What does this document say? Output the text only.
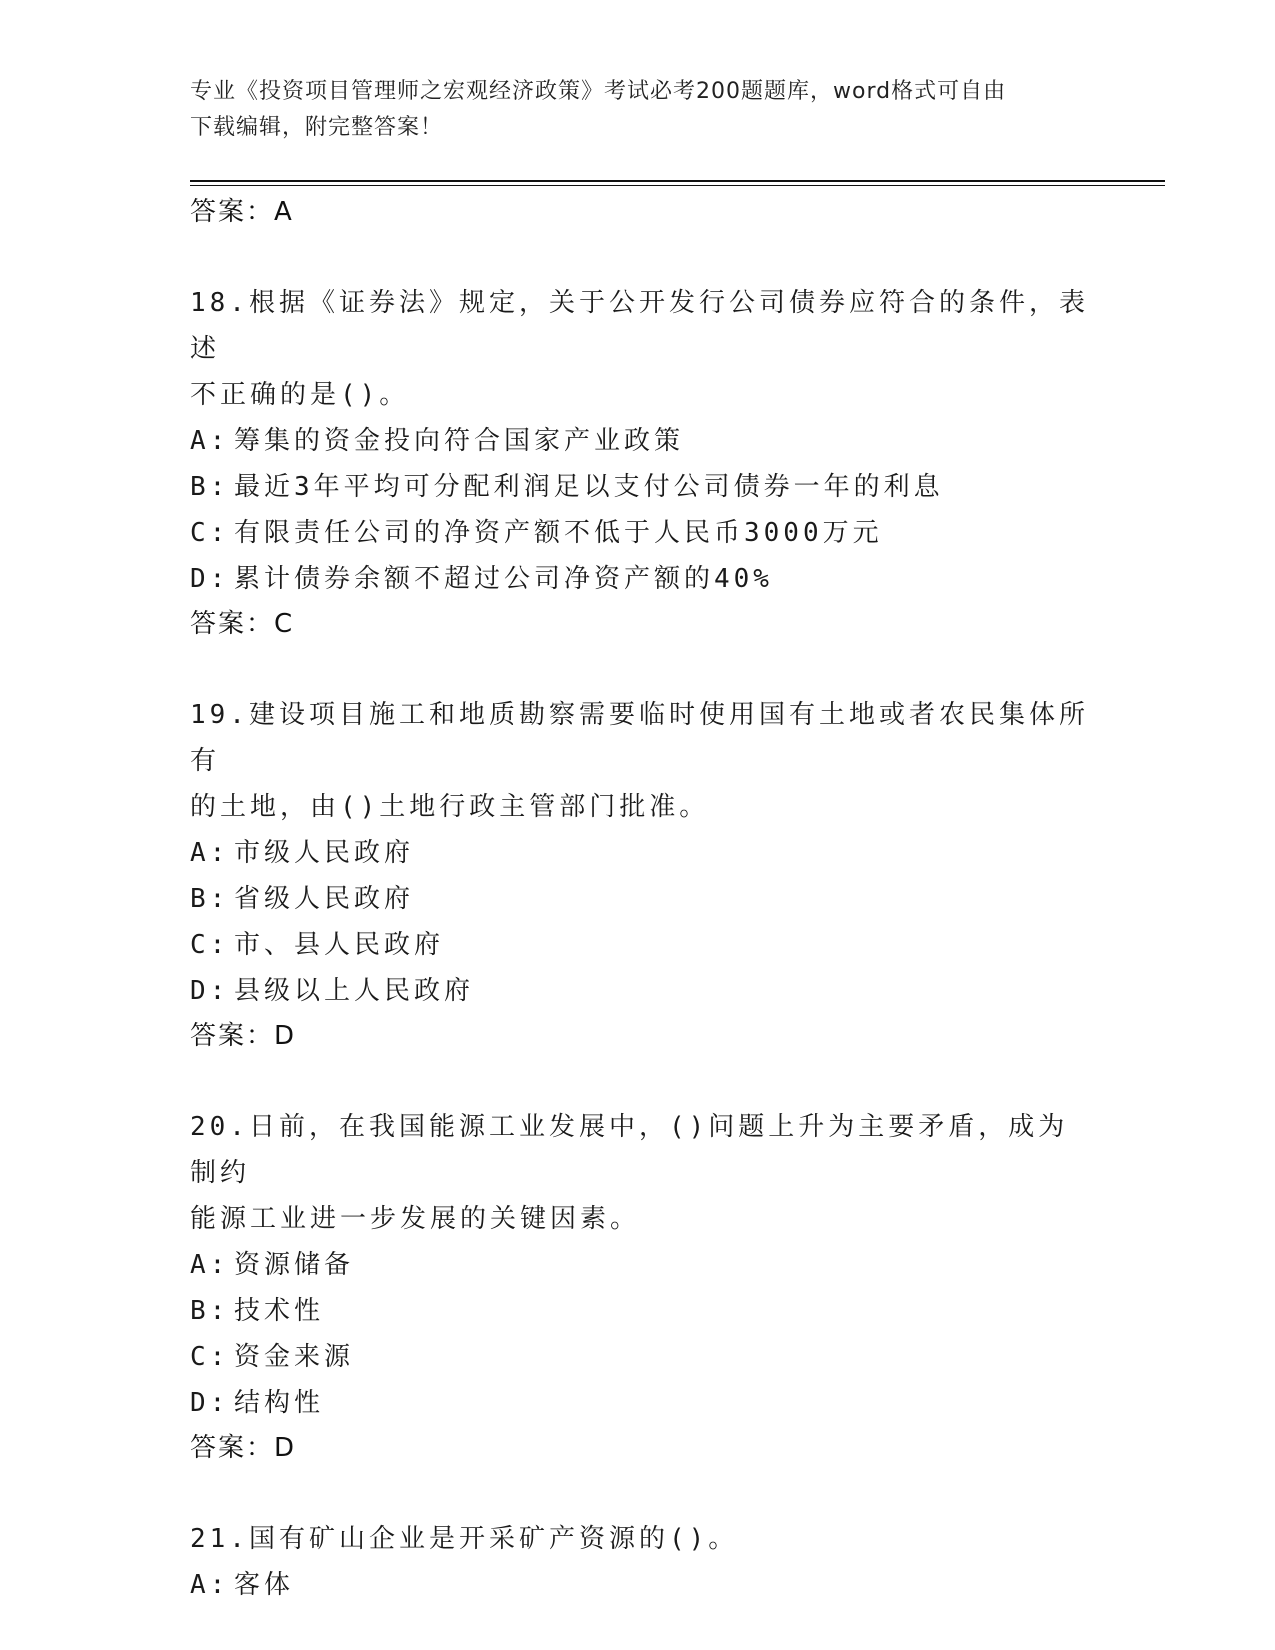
专业《投资项目管理师之宏观经济政策》考试必考200题题库，word格式可自由
下载编辑，附完整答案！
答案：A
18.根据《证券法》规定，关于公开发行公司债券应符合的条件，表述
不正确的是()。
A: 筹集的资金投向符合国家产业政策
B: 最近3年平均可分配利润足以支付公司债券一年的利息
C: 有限责任公司的净资产额不低于人民币3000万元
D: 累计债券余额不超过公司净资产额的40%
答案：C
19.建设项目施工和地质勘察需要临时使用国有土地或者农民集体所有
的土地，由()土地行政主管部门批准。
A: 市级人民政府
B: 省级人民政府
C: 市、县人民政府
D: 县级以上人民政府
答案：D
20.日前，在我国能源工业发展中，()问题上升为主要矛盾，成为制约
能源工业进一步发展的关键因素。
A: 资源储备
B: 技术性
C: 资金来源
D: 结构性
答案：D
21.国有矿山企业是开采矿产资源的()。
A: 客体
